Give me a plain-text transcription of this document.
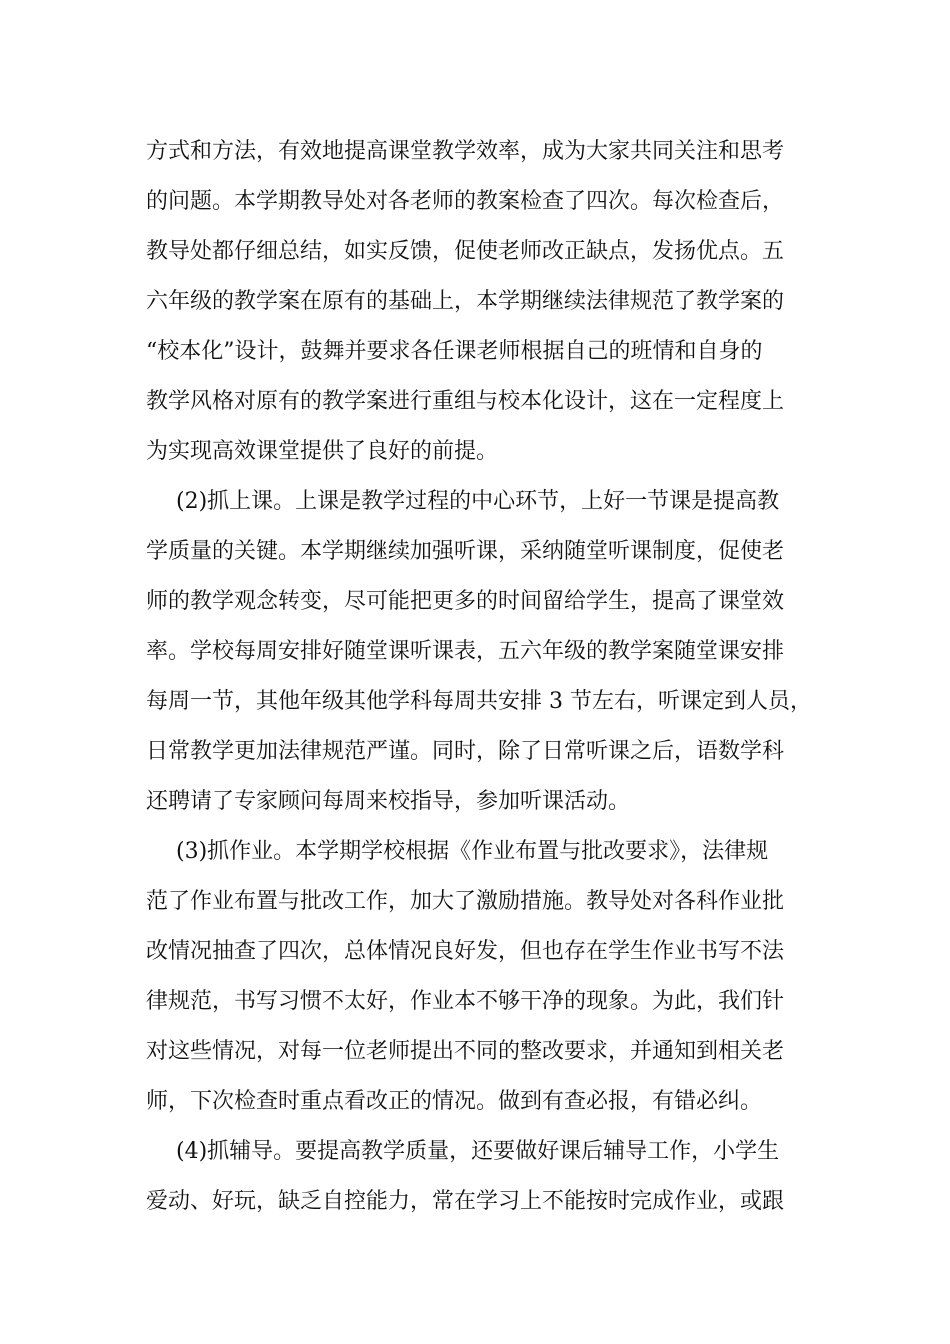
方式和方法，有效地提高课堂教学效率，成为大家共同关注和思考
的问题。本学期教导处对各老师的教案检查了四次。每次检查后，
教导处都仔细总结，如实反馈，促使老师改正缺点，发扬优点。五
六年级的教学案在原有的基础上，本学期继续法律规范了教学案的
“校本化”设计，鼓舞并要求各任课老师根据自己的班情和自身的
教学风格对原有的教学案进行重组与校本化设计，这在一定程度上
为实现高效课堂提供了良好的前提。
(2)抓上课。上课是教学过程的中心环节，上好一节课是提高教
学质量的关键。本学期继续加强听课，采纳随堂听课制度，促使老
师的教学观念转变，尽可能把更多的时间留给学生，提高了课堂效
率。学校每周安排好随堂课听课表，五六年级的教学案随堂课安排
每周一节，其他年级其他学科每周共安排 3 节左右，听课定到人员，
日常教学更加法律规范严谨。同时，除了日常听课之后，语数学科
还聘请了专家顾问每周来校指导，参加听课活动。
(3)抓作业。本学期学校根据《作业布置与批改要求》，法律规
范了作业布置与批改工作，加大了激励措施。教导处对各科作业批
改情况抽查了四次，总体情况良好发，但也存在学生作业书写不法
律规范，书写习惯不太好，作业本不够干净的现象。为此，我们针
对这些情况，对每一位老师提出不同的整改要求，并通知到相关老
师，下次检查时重点看改正的情况。做到有查必报，有错必纠。
(4)抓辅导。要提高教学质量，还要做好课后辅导工作，小学生
爱动、好玩，缺乏自控能力，常在学习上不能按时完成作业，或跟
